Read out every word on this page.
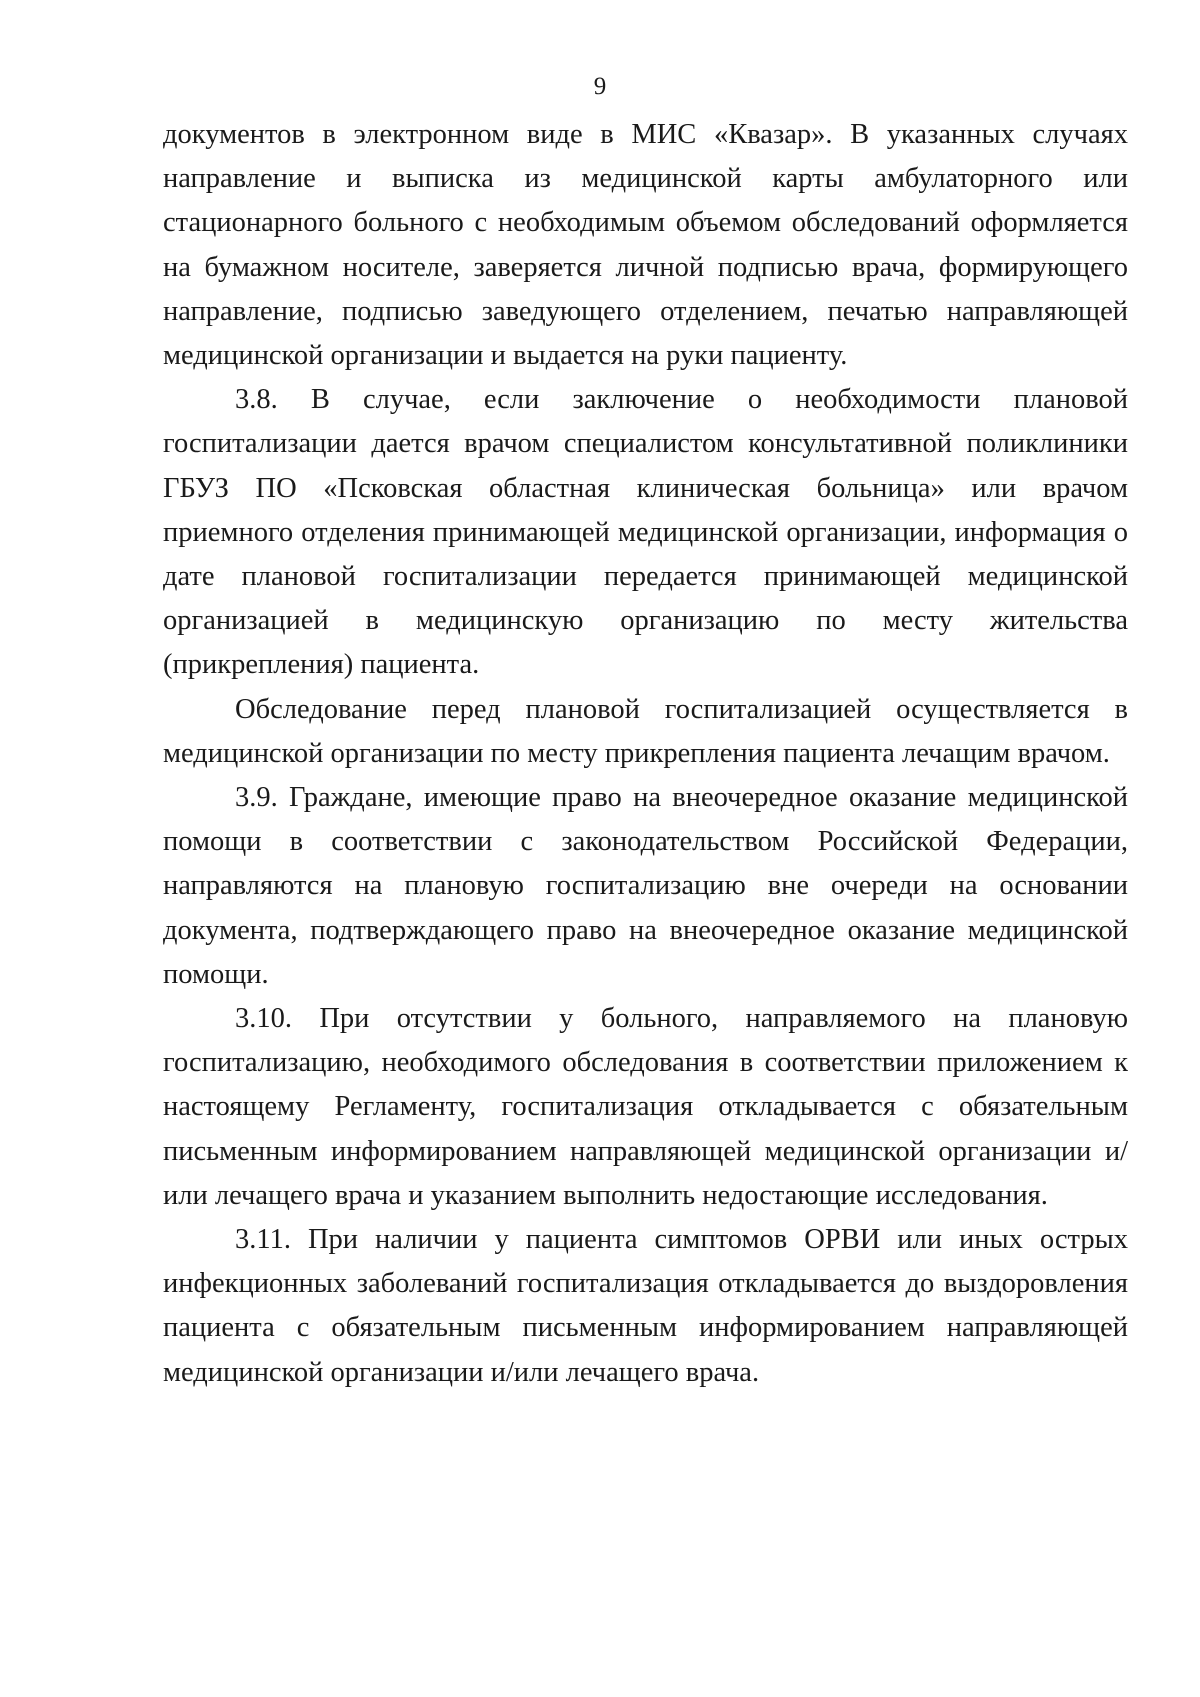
9

документов в электронном виде в МИС «Квазар». В указанных случаях направление и выписка из медицинской карты амбулаторного или стационарного больного с необходимым объемом обследований оформляется на бумажном носителе, заверяется личной подписью врача, формирующего направление, подписью заведующего отделением, печатью направляющей медицинской организации и выдается на руки пациенту.

3.8. В случае, если заключение о необходимости плановой госпитализации дается врачом специалистом консультативной поликлиники ГБУЗ ПО «Псковская областная клиническая больница» или врачом приемного отделения принимающей медицинской организации, информация о дате плановой госпитализации передается принимающей медицинской организацией в медицинскую организацию по месту жительства (прикрепления) пациента.

Обследование перед плановой госпитализацией осуществляется в медицинской организации по месту прикрепления пациента лечащим врачом.

3.9. Граждане, имеющие право на внеочередное оказание медицинской помощи в соответствии с законодательством Российской Федерации, направляются на плановую госпитализацию вне очереди на основании документа, подтверждающего право на внеочередное оказание медицинской помощи.

3.10. При отсутствии у больного, направляемого на плановую госпитализацию, необходимого обследования в соответствии приложением к настоящему Регламенту, госпитализация откладывается с обязательным письменным информированием направляющей медицинской организации и/или лечащего врача и указанием выполнить недостающие исследования.

3.11. При наличии у пациента симптомов ОРВИ или иных острых инфекционных заболеваний госпитализация откладывается до выздоровления пациента с обязательным письменным информированием направляющей медицинской организации и/или лечащего врача.
